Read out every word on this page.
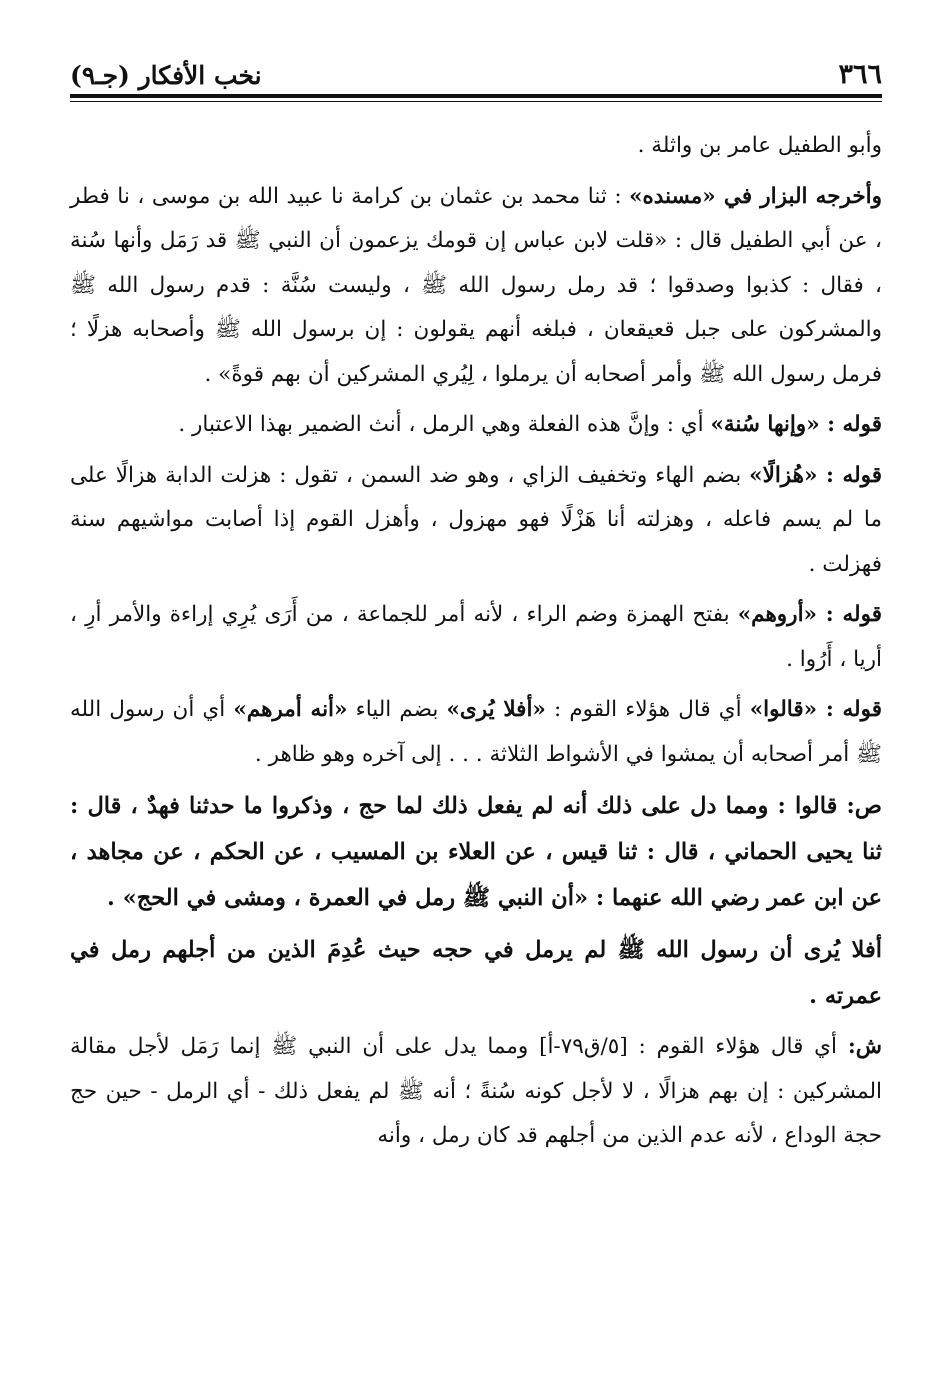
٣٦٦
نخب الأفكار (جـ٩)

وأبو الطفيل عامر بن واثلة .

وأخرجه البزار في «مسنده» : ثنا محمد بن عثمان بن كرامة نا عبيد الله بن موسى ، نا فطر ، عن أبي الطفيل قال : «قلت لابن عباس إن قومك يزعمون أن النبي ﷺ قد رَمَل وأنها سُنة ، فقال : كذبوا وصدقوا ؛ قد رمل رسول الله ﷺ ، وليست سُنَّة : قدم رسول الله ﷺ والمشركون على جبل قعيقعان ، فبلغه أنهم يقولون : إن برسول الله ﷺ وأصحابه هزلًا ؛ فرمل رسول الله ﷺ وأمر أصحابه أن يرملوا ، لِيُري المشركين أن بهم قوةً» .

قوله : «وإنها سُنة» أي : وإنَّ هذه الفعلة وهي الرمل ، أنث الضمير بهذا الاعتبار .

قوله : «هُزالًا» بضم الهاء وتخفيف الزاي ، وهو ضد السمن ، تقول : هزلت الدابة هزالًا على ما لم يسم فاعله ، وهزلته أنا هَزْلًا فهو مهزول ، وأهزل القوم إذا أصابت مواشيهم سنة فهزلت .

قوله : «أروهم» بفتح الهمزة وضم الراء ، لأنه أمر للجماعة ، من أَرَى يُرِي إراءة والأمر أرِ ، أريا ، أَرُوا .

قوله : «قالوا» أي قال هؤلاء القوم : «أفلا يُرى» بضم الياء «أنه أمرهم» أي أن رسول الله ﷺ أمر أصحابه أن يمشوا في الأشواط الثلاثة . . . إلى آخره وهو ظاهر .

ص: قالوا : ومما دل على ذلك أنه لم يفعل ذلك لما حج ، وذكروا ما حدثنا فهدٌ ، قال : ثنا يحيى الحماني ، قال : ثنا قيس ، عن العلاء بن المسيب ، عن الحكم ، عن مجاهد ، عن ابن عمر رضي الله عنهما : «أن النبي ﷺ رمل في العمرة ، ومشى في الحج» .

أفلا يُرى أن رسول الله ﷺ لم يرمل في حجه حيث عُدِمَ الذين من أجلهم رمل في عمرته .

ش: أي قال هؤلاء القوم : [٥/ق٧٩-أ] ومما يدل على أن النبي ﷺ إنما رَمَل لأجل مقالة المشركين : إن بهم هزالًا ، لا لأجل كونه سُنةً ؛ أنه ﷺ لم يفعل ذلك - أي الرمل - حين حج حجة الوداع ، لأنه عدم الذين من أجلهم قد كان رمل ، وأنه
